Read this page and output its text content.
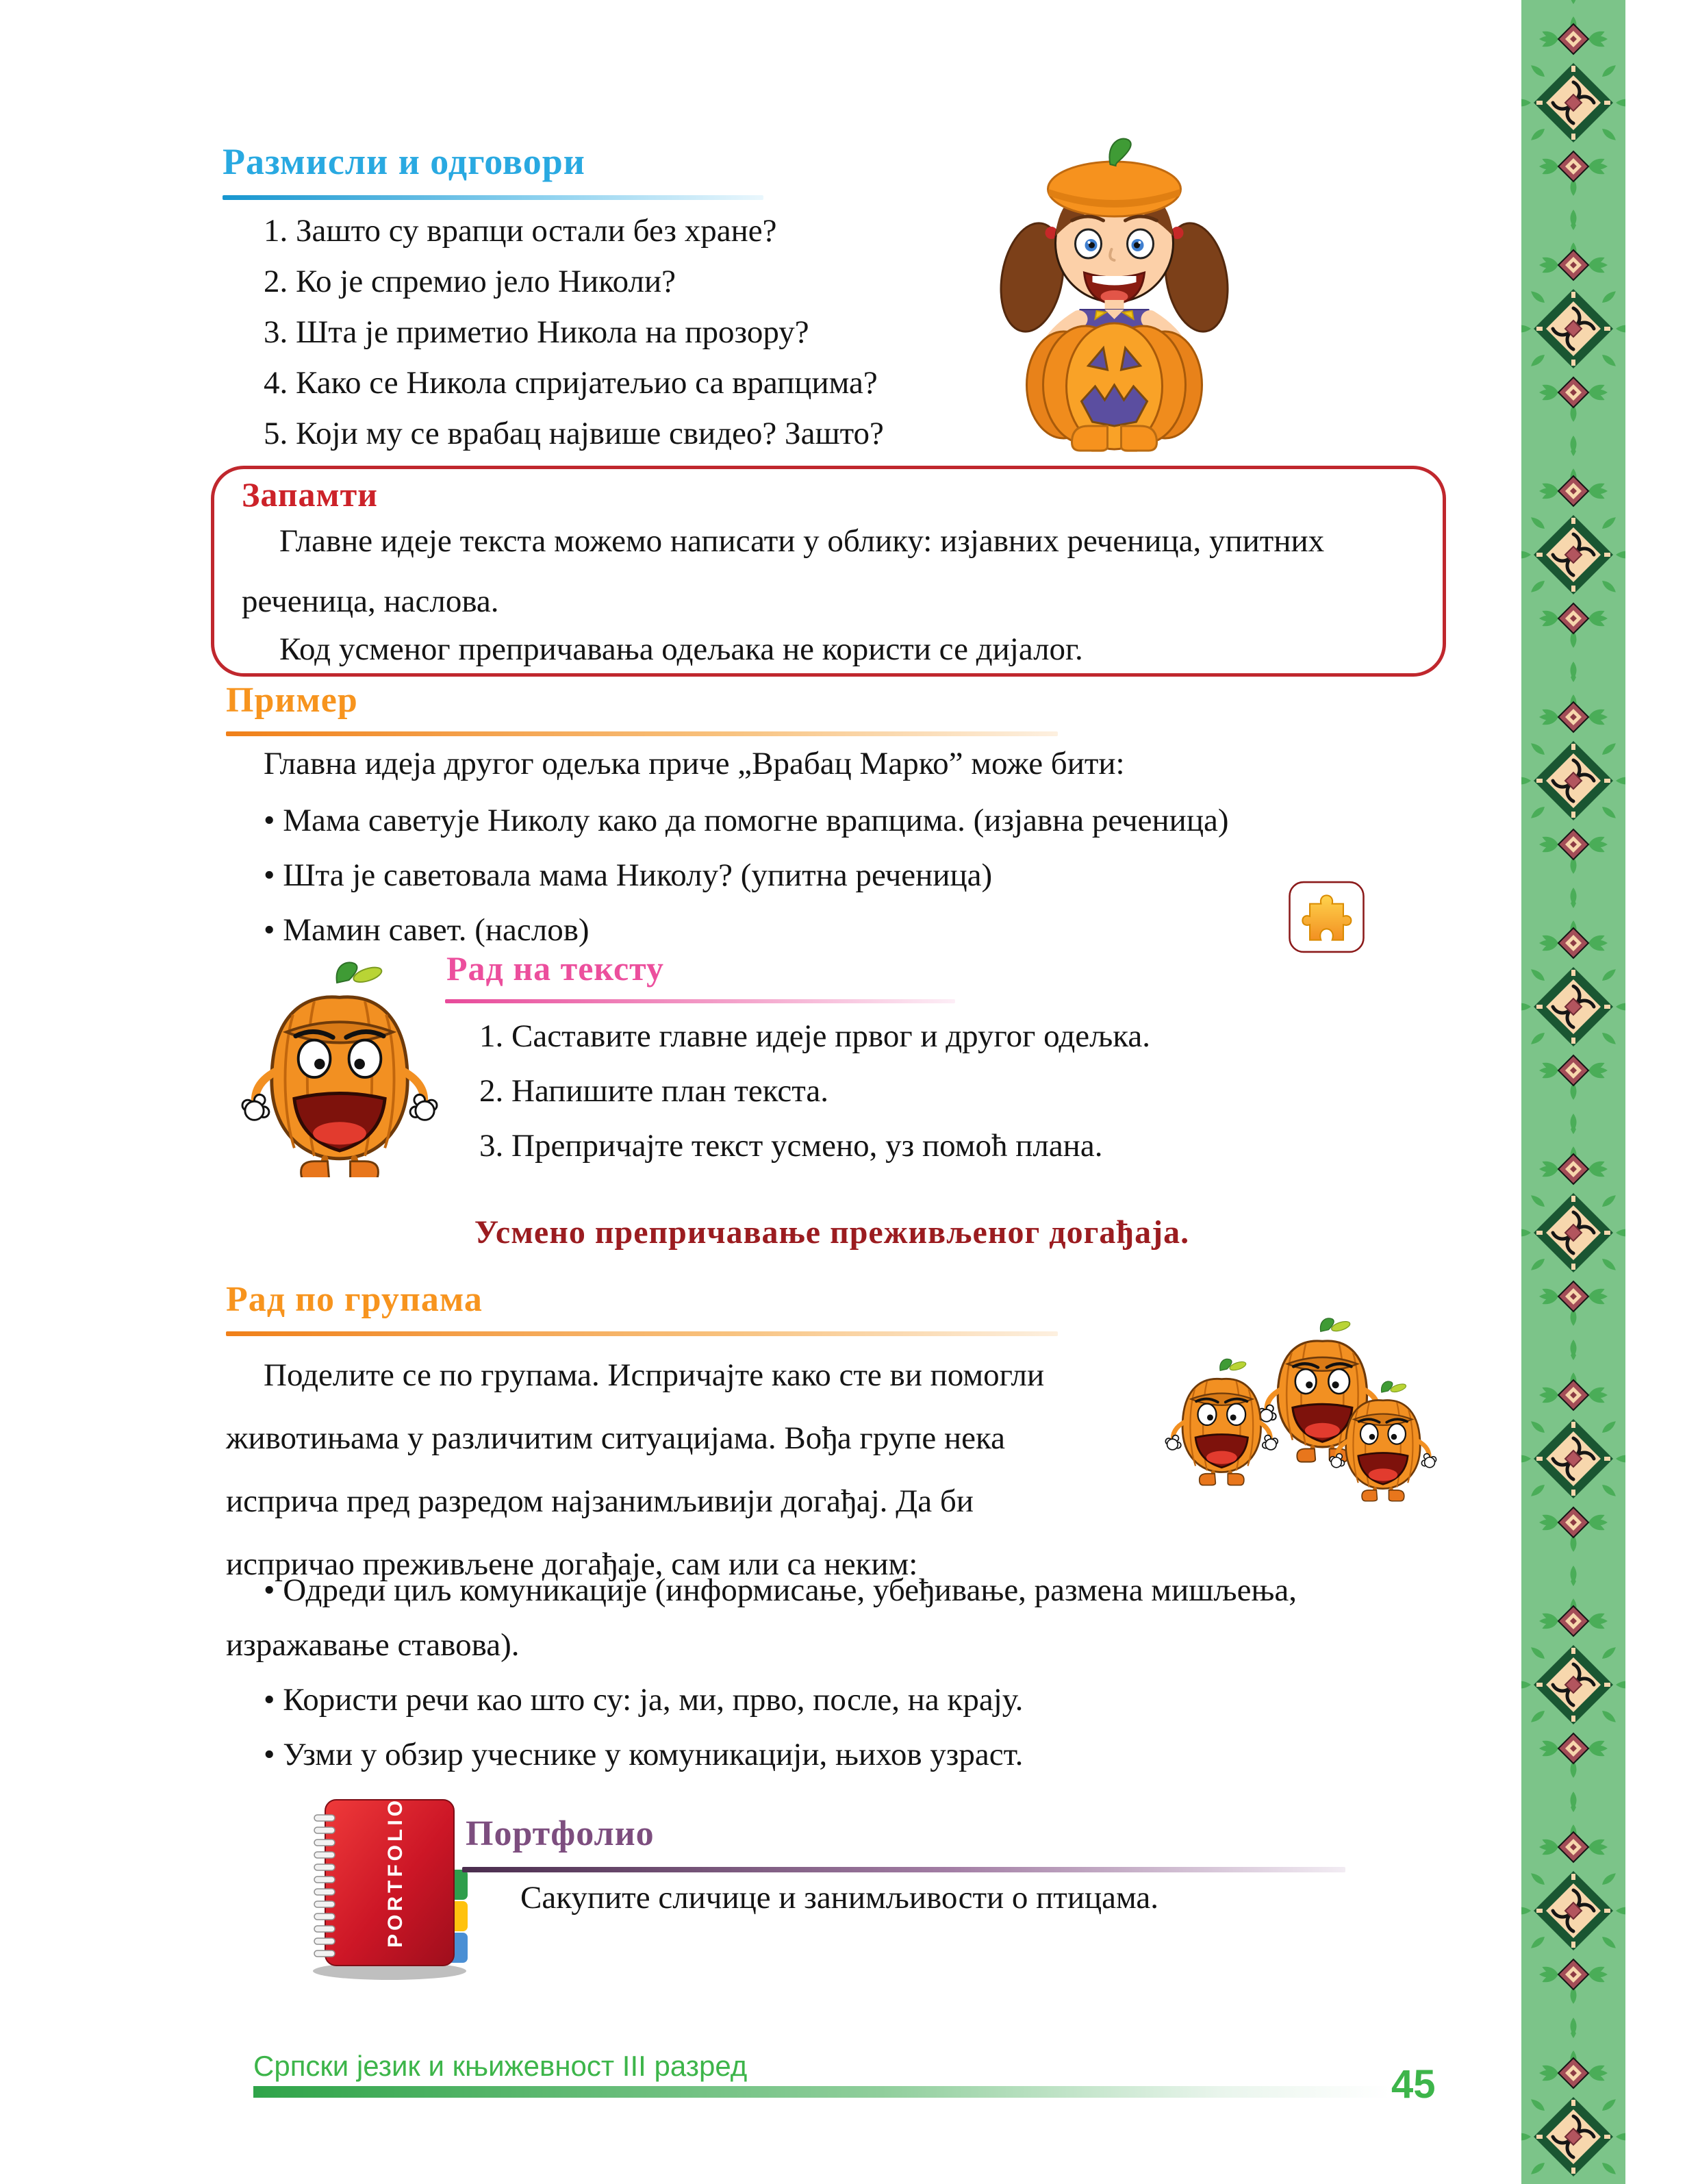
Размисли и одговори
1. Зашто су врапци остали без хране?
2. Ко је спремио јело Николи?
3. Шта је приметио Никола на прозору?
4. Како се Никола спријатељио са врапцима?
5. Који му се врабац највише свидео? Зашто?
Запамти
Главне идеје текста можемо написати у облику: изјавних реченица, упитних
реченица, наслова.
Код усменог препричавања одељака не користи се дијалог.
Пример
Главна идеја другог одељка приче „Врабац Марко” може бити:
• Мама саветује Николу како да помогне врапцима. (изјавна реченица)
• Шта је саветовала мама Николу? (упитна реченица)
• Мамин савет. (наслов)
Рад на тексту
1. Саставите главне идеје првог и другог одељка.
2. Напишите план текста.
3. Препричајте текст усмено, уз помоћ плана.
Усмено препричавање преживљеног догађаја.
Рад по групама
Поделите се по групама. Испричајте како сте ви помогли
животињама у различитим ситуацијама. Вођа групе нека
исприча пред разредом најзанимљивији догађај. Да би
испричао преживљене догађаје, сам или са неким:
• Одреди циљ комуникације (информисање, убеђивање, размена мишљења,
изражавање ставова).
• Користи речи као што су: ја, ми, прво, после, на крају.
• Узми у обзир учеснике у комуникацији, њихов узраст.
PORTFOLIO Портфолио
Сакупите сличице и занимљивости о птицама.
Српски језик и књижевност III разред	45
